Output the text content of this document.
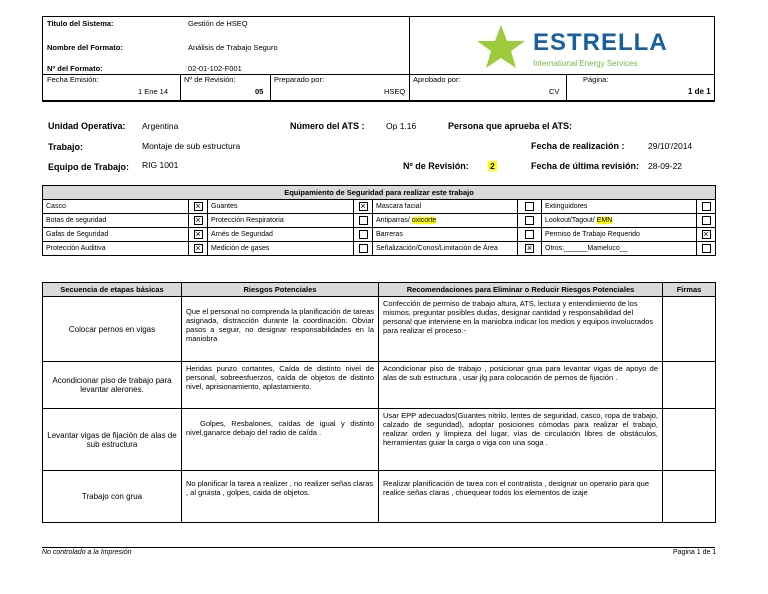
Titulo del Sistema:	Gestión de HSEQ
Nombre del Formato:	Análisis de Trabajo Seguro
Nº del Formato:	02-01-102-F001
ESTRELLA
International Energy Services
Fecha Emisión:
1 Ene 14
Nº de Revisión:
05
Preparado por:
HSEQ
Aprobado por:
CV
Página:
1 de 1
Unidad Operativa: Argentina	Número del ATS :	Op 1.16	Persona que aprueba el ATS:
Trabajo:	Montaje de sub estructura	Fecha de realización :	29/10'/2014
Equipo de Trabajo: RIG 1001	Nº de Revisión: 2	Fecha de última revisión: 28-09-22
Equipamiento de Seguridad para realizar este trabajo							
Casco	×	Guantes	×	Mascara facial		Extinguidores	
Botas de seguridad	×	Protección Respiratoria		Antiparras/ oxicorte		Lookout/Tagout/ EMN	
Gafas de Seguridad	×	Arnés de Seguridad		Barreras		Permiso de Trabajo Requerido	×
Protección Auditiva	×	Medición de gases		Señalización/Conos/Limitación de Área	×	Otros:______Mameluco__	
Secuencia de etapas básicas	Riesgos Potenciales	Recomendaciones para Eliminar o Reducir Riesgos Potenciales	Firmas
Colocar pernos en vigas	Que el personal no comprenda la planificación de tareas asignada, distracción durante la coordinación. Obviar pasos a seguir, no designar responsabilidades en la maniobra	Confección de permiso de trabajo altura, ATS, lectura y entendimiento de los mismos, preguntar posibles dudas, designar cantidad y responsabilidad del personal que interviene en la maniobra indicar los medios y equipos involucrados para realizar el proceso.-	
Acondicionar piso de trabajo para levantar alerones.	Heridas punzo cortantes, Caída de distinto nivel de personal, sobreesfuerzos, caída de objetos de distinto nivel, aprisionamiento, aplastamiento.	Acondicionar piso de trabajo , posicionar grua para levantar vigas de apoyo de alas de sub estructura , usar jlg para colocación de pernos de fijación .	
Levantar vigas de fijación de alas de sub estructura	Golpes, Resbalones, caídas de igual y distinto nivel,ganarce debajo del radio de caída .	Usar EPP adecuados(Guantes nitrilo, lentes de seguridad, casco, ropa de trabajo, calzado de seguridad), adoptar posiciones cómodas para realizar el trabajo, realizar orden y limpieza del lugar, vías de circulación libres de obstáculos, herramientas guiar la carga o viga con una soga .	
Trabajo con grua	No planificar la tarea a realizer , no realizer señas claras , al gruista , golpes, caida de objetos.	Realizar planificación de tarea con el contratista , designar un operario para que realice señas claras , chuequear todos los elementos de izaje	
No controlado a la Impresión	Pagina 1 de 1
